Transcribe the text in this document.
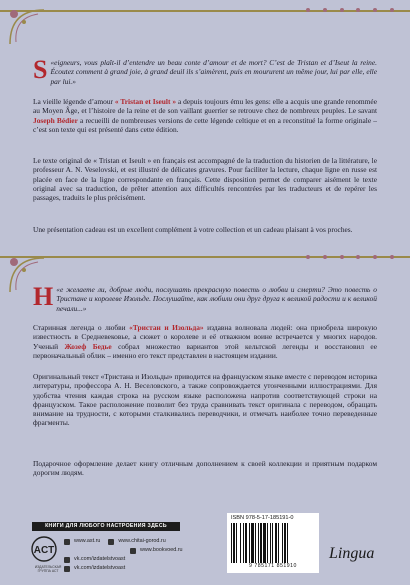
«
S eigneurs, vous plaît-il d’entendre un beau conte d’amour et de mort? C’est de Tristan et d’Iseut la reine. Écoutez comment à grand joie, à grand deuil ils s’aimèrent, puis en moururent un même jour, lui par elle, elle par lui.»
La vieille légende d’amour « Tristan et Iseult » a depuis toujours ému les gens: elle a acquis une grande renommée au Moyen Âge, et l’histoire de la reine et de son vaillant guerrier se retrouve chez de nombreux peuples. Le savant Joseph Bédier a recueilli de nombreuses versions de cette légende celtique et en a reconstitué la forme originale – c’est son texte qui est présenté dans cette édition.
Le texte original de « Tristan et Iseult » en français est accompagné de la traduction du historien de la littérature, le professeur A. N. Veselovski, et est illustré de délicates gravures. Pour faciliter la lecture, chaque ligne en russe est placée en face de la ligne correspondante en français. Cette disposition permet de comparer aisément le texte original avec sa traduction, de prêter attention aux difficultés rencontrées par les traducteurs et de repérer les passages, traduits le plus précisément.
Une présentation cadeau est un excellent complément à votre collection et un cadeau plaisant à vos proches.
«
Н е желаете ли, добрые люди, послушать прекрасную повесть о любви и смерти? Это повесть о Тристане и королеве Изольде. Послушайте, как любили они друг друга к великой радости и к великой печали...»
Старинная легенда о любви «Тристан и Изольда» издавна волновала людей: она приобрела широкую известность в Средневековье, а сюжет о королеве и её отважном воине встречается у многих народов. Ученый Жозеф Бедье собрал множество вариантов этой кельтской легенды и восстановил ее первоначальный облик – именно его текст представлен в настоящем издании.
Оригинальный текст «Тристана и Изольды» приводится на французском языке вместе с переводом историка литературы, профессора А. Н. Веселовского, а также сопровождается утонченными иллюстрациями. Для удобства чтения каждая строка на русском языке расположена напротив соответствующей строки на французском. Такое расположение позволит без труда сравнивать текст оригинала с переводом, обращать внимание на трудности, с которыми сталкивались переводчики, и отмечать наиболее точно переведенные фрагменты.
Подарочное оформление делает книгу отличным дополнением к своей коллекции и приятным подарком дорогим людям.
КНИГИ ДЛЯ ЛЮБОГО НАСТРОЕНИЯ ЗДЕСЬ
ACT
ИЗДАТЕЛЬСКАЯ ГРУППА АСТ
www.ast.ru	www.chitai-gorod.ru
www.bookvoed.ru
vk.com/izdatelstvoast
vk.com/izdatelstvoast
ISBN 978-5-17-185191-0
9 785171 851910
Lingua
